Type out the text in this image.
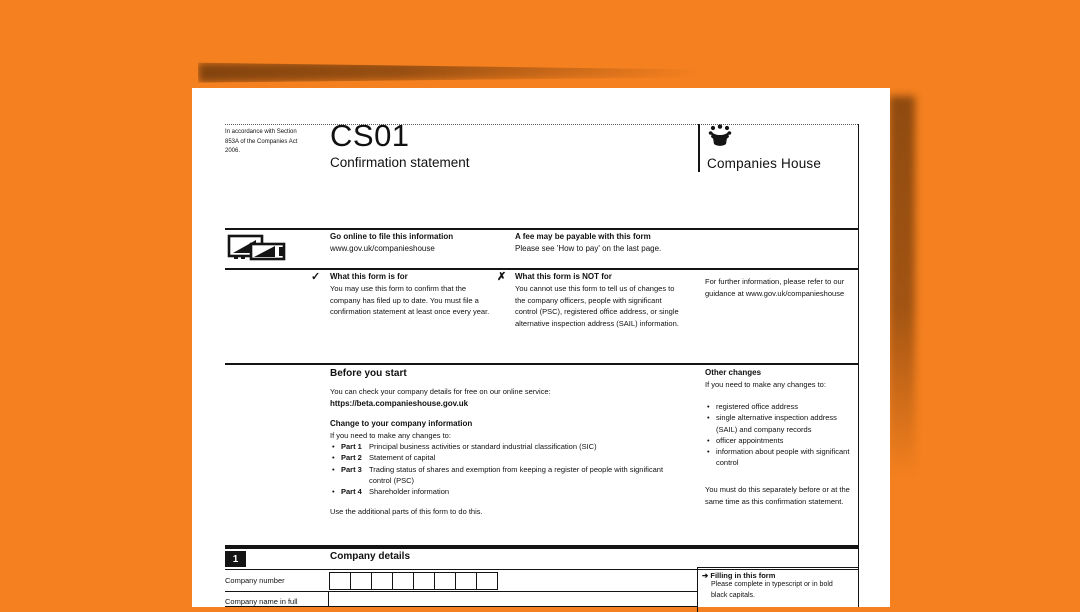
In accordance with Section 853A of the Companies Act 2006.	CS01
Confirmation statement	Companies House
Go online to file this information
www.gov.uk/companieshouse
A fee may be payable with this form
Please see 'How to pay' on the last page.
✓ What this form is for
You may use this form to confirm that the company has filed up to date. You must file a confirmation statement at least once every year.
✗ What this form is NOT for
You cannot use this form to tell us of changes to the company officers, people with significant control (PSC), registered office address, or single alternative inspection address (SAIL) information.
For further information, please refer to our guidance at www.gov.uk/companieshouse
Before you start
You can check your company details for free on our online service:
https://beta.companieshouse.gov.uk
Change to your company information
If you need to make any changes to:
• Part 1 Principal business activities or standard industrial classification (SIC)
• Part 2 Statement of capital
• Part 3 Trading status of shares and exemption from keeping a register of people with significant control (PSC)
• Part 4 Shareholder information
Use the additional parts of this form to do this.
Other changes
If you need to make any changes to:
• registered office address
• single alternative inspection address (SAIL) and company records
• officer appointments
• information about people with significant control
You must do this separately before or at the same time as this confirmation statement.
1	Company details
Company number
Company name in full
➔ Filling in this form
Please complete in typescript or in bold black capitals.
